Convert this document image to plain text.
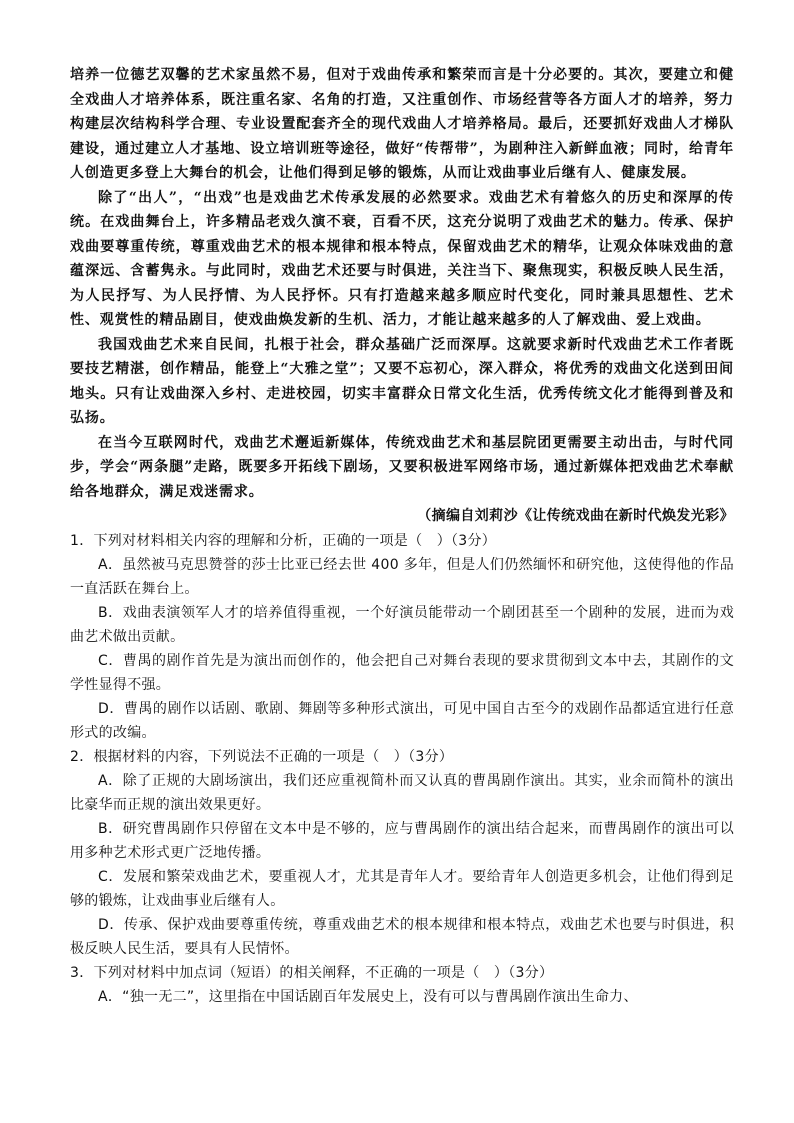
培养一位德艺双馨的艺术家虽然不易，但对于戏曲传承和繁荣而言是十分必要的。其次，要建立和健全戏曲人才培养体系，既注重名家、名角的打造，又注重创作、市场经营等各方面人才的培养，努力构建层次结构科学合理、专业设置配套齐全的现代戏曲人才培养格局。最后，还要抓好戏曲人才梯队建设，通过建立人才基地、设立培训班等途径，做好“传帮带”，为剧种注入新鲜血液；同时，给青年人创造更多登上大舞台的机会，让他们得到足够的锻炼，从而让戏曲事业后继有人、健康发展。

除了“出人”，“出戏”也是戏曲艺术传承发展的必然要求。戏曲艺术有着悠久的历史和深厚的传统。在戏曲舞台上，许多精品老戏久演不衰，百看不厌，这充分说明了戏曲艺术的魅力。传承、保护戏曲要尊重传统，尊重戏曲艺术的根本规律和根本特点，保留戏曲艺术的精华，让观众体味戏曲的意蕴深远、含蓄隽永。与此同时，戏曲艺术还要与时俱进，关注当下、聚焦现实，积极反映人民生活，为人民抒写、为人民抒情、为人民抒怀。只有打造越来越多顺应时代变化，同时兼具思想性、艺术性、观赏性的精品剧目，使戏曲焕发新的生机、活力，才能让越来越多的人了解戏曲、爱上戏曲。

我国戏曲艺术来自民间，扎根于社会，群众基础广泛而深厚。这就要求新时代戏曲艺术工作者既要技艺精湛，创作精品，能登上“大雅之堂”；又要不忘初心，深入群众，将优秀的戏曲文化送到田间地头。只有让戏曲深入乡村、走进校园，切实丰富群众日常文化生活，优秀传统文化才能得到普及和弘扬。

在当今互联网时代，戏曲艺术邂逅新媒体，传统戏曲艺术和基层院团更需要主动出击，与时代同步，学会“两条腿”走路，既要多开拓线下剧场，又要积极进军网络市场，通过新媒体把戏曲艺术奉献给各地群众，满足戏迷需求。

（摘编自刘莉沙《让传统戏曲在新时代焕发光彩》

1．下列对材料相关内容的理解和分析，正确的一项是（　）（3分）

A．虽然被马克思赞誉的莎士比亚已经去世 400 多年，但是人们仍然缅怀和研究他，这使得他的作品一直活跃在舞台上。

B．戏曲表演领军人才的培养值得重视，一个好演员能带动一个剧团甚至一个剧种的发展，进而为戏曲艺术做出贡献。

C．曹禺的剧作首先是为演出而创作的，他会把自己对舞台表现的要求贯彻到文本中去，其剧作的文学性显得不强。

D．曹禺的剧作以话剧、歌剧、舞剧等多种形式演出，可见中国自古至今的戏剧作品都适宜进行任意形式的改编。

2．根据材料的内容，下列说法不正确的一项是（　）（3分）

A．除了正规的大剧场演出，我们还应重视简朴而又认真的曹禺剧作演出。其实，业余而简朴的演出比豪华而正规的演出效果更好。

B．研究曹禺剧作只停留在文本中是不够的，应与曹禺剧作的演出结合起来，而曹禺剧作的演出可以用多种艺术形式更广泛地传播。

C．发展和繁荣戏曲艺术，要重视人才，尤其是青年人才。要给青年人创造更多机会，让他们得到足够的锻炼，让戏曲事业后继有人。

D．传承、保护戏曲要尊重传统，尊重戏曲艺术的根本规律和根本特点，戏曲艺术也要与时俱进，积极反映人民生活，要具有人民情怀。

3．下列对材料中加点词（短语）的相关阐释，不正确的一项是（　）（3分）

A．“独一无二”，这里指在中国话剧百年发展史上，没有可以与曹禺剧作演出生命力、
